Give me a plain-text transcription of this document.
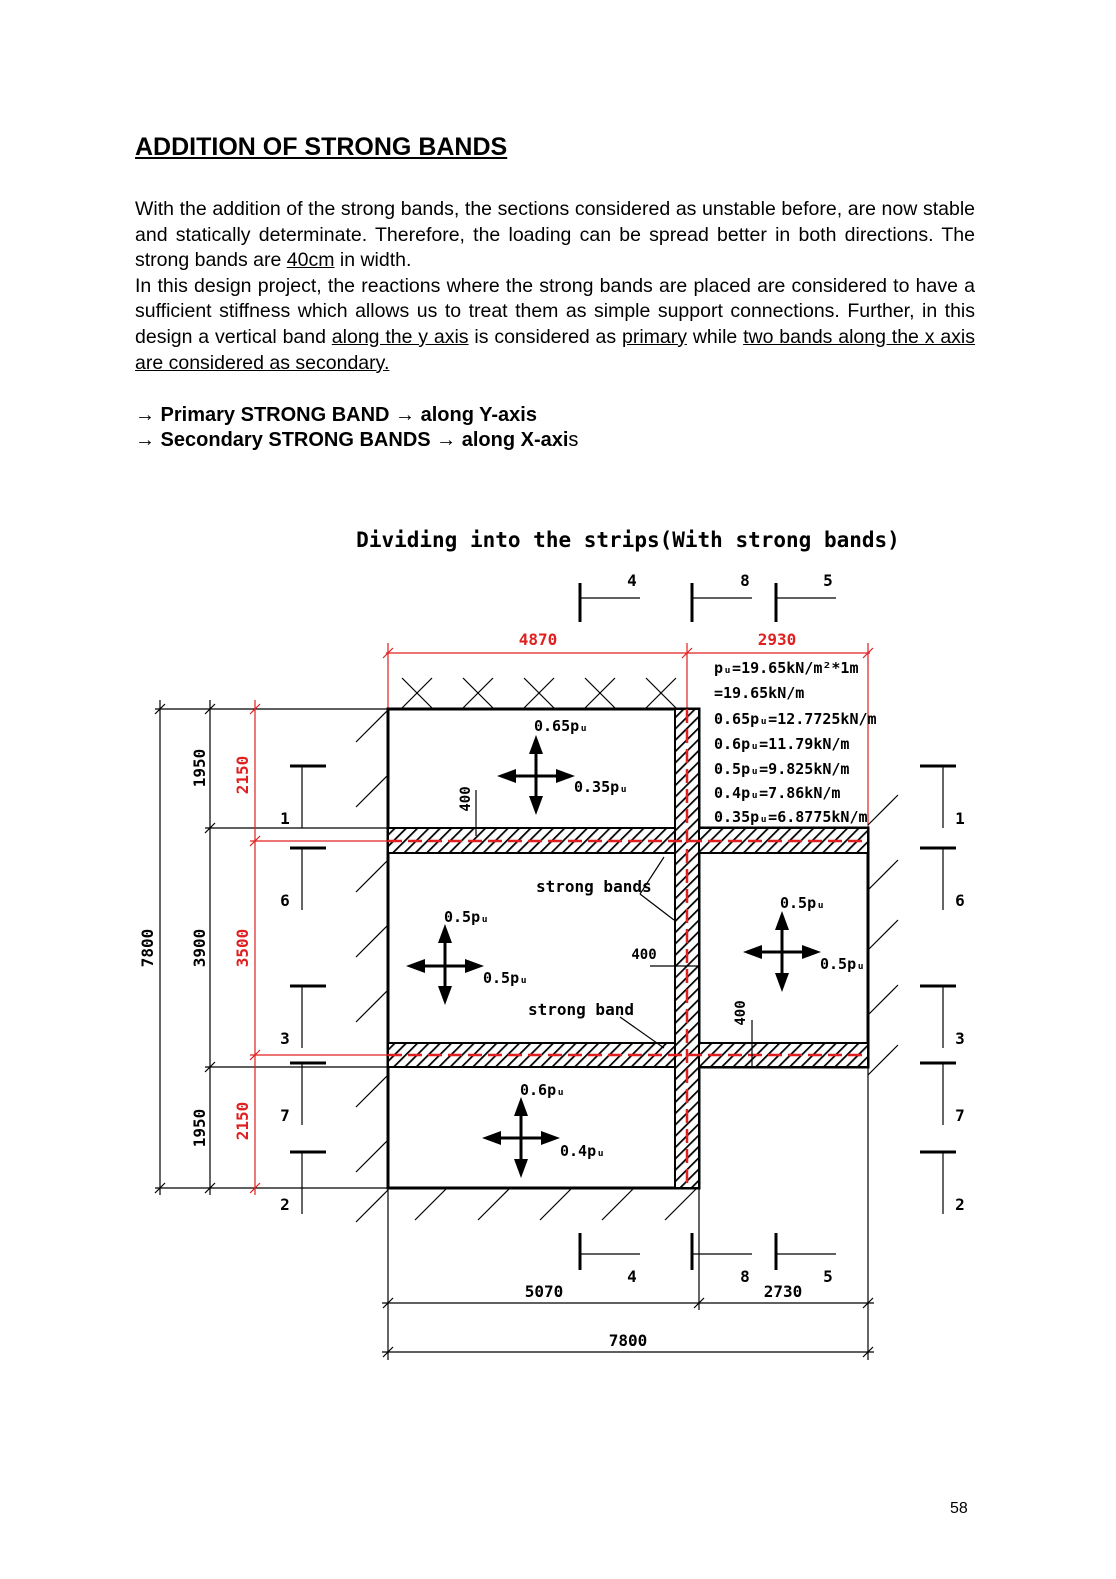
ADDITION OF STRONG BANDS

With the addition of the strong bands, the sections considered as unstable before, are now stable and statically determinate. Therefore, the loading can be spread better in both directions. The strong bands are 40cm in width.

In this design project, the reactions where the strong bands are placed are considered to have a sufficient stiffness which allows us to treat them as simple support connections. Further, in this design a vertical band along the y axis is considered as primary while two bands along the x axis are considered as secondary.

→ Primary STRONG BAND → along Y-axis
→ Secondary STRONG BANDS → along X-axis
Dividing into the strips(With strong bands)
4	8	5
4870	2930
7800
1950
3900
1950
2150
3500
2150
1
6
3
7
2
1
6
3
7
2
4	8	5
5070	2730
7800
400
400
400
strong bands
strong band
pᵤ=19.65kN/m²*1m
=19.65kN/m
0.65pᵤ=12.7725kN/m
0.6pᵤ=11.79kN/m
0.5pᵤ=9.825kN/m
0.4pᵤ=7.86kN/m
0.35pᵤ=6.8775kN/m
0.65pᵤ
0.35pᵤ
0.5pᵤ
0.5pᵤ
0.5pᵤ
0.5pᵤ
0.6pᵤ
0.4pᵤ
58
